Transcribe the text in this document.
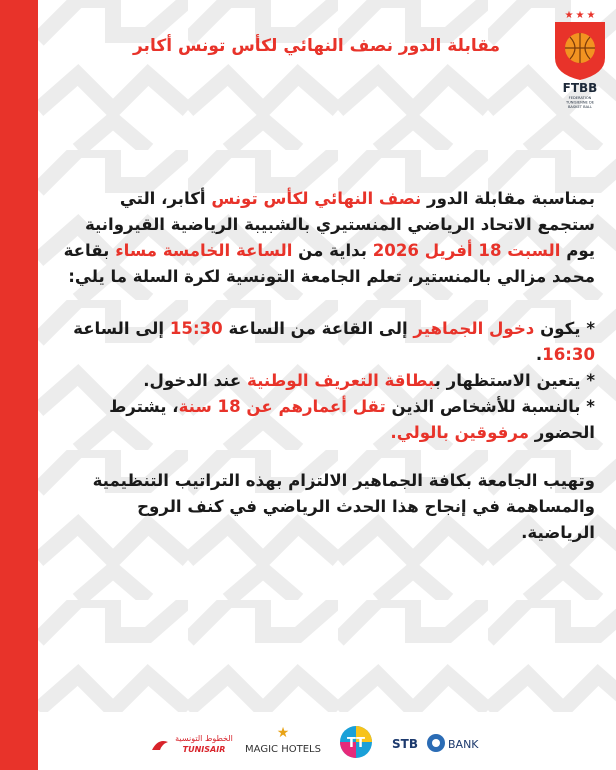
★ ★ ★
FTBB
FEDERATION
TUNISIENNE DE
BASKET BALL
مقابلة الدور نصف النهائي لكأس تونس أكابر

بمناسبة مقابلة الدور نصف النهائي لكأس تونس أكابر، التي ستجمع الاتحاد الرياضي المنستيري بالشبيبة الرياضية القيروانية يوم السبت 18 أفريل 2026 بداية من الساعة الخامسة مساء بقاعة محمد مزالي بالمنستير، تعلم الجامعة التونسية لكرة السلة ما يلي:

* يكون دخول الجماهير إلى القاعة من الساعة 15:30 إلى الساعة 16:30.

* يتعين الاستظهار ببطاقة التعريف الوطنية عند الدخول.

* بالنسبة للأشخاص الذين تقل أعمارهم عن 18 سنة، يشترط الحضور مرفوقين بالولي.

وتهيب الجامعة بكافة الجماهير الالتزام بهذه التراتيب التنظيمية والمساهمة في إنجاح هذا الحدث الرياضي في كنف الروح الرياضية.

الخطوط التونسية
TUNISAIR
★
MAGIC HOTELS TT STB	BANK
